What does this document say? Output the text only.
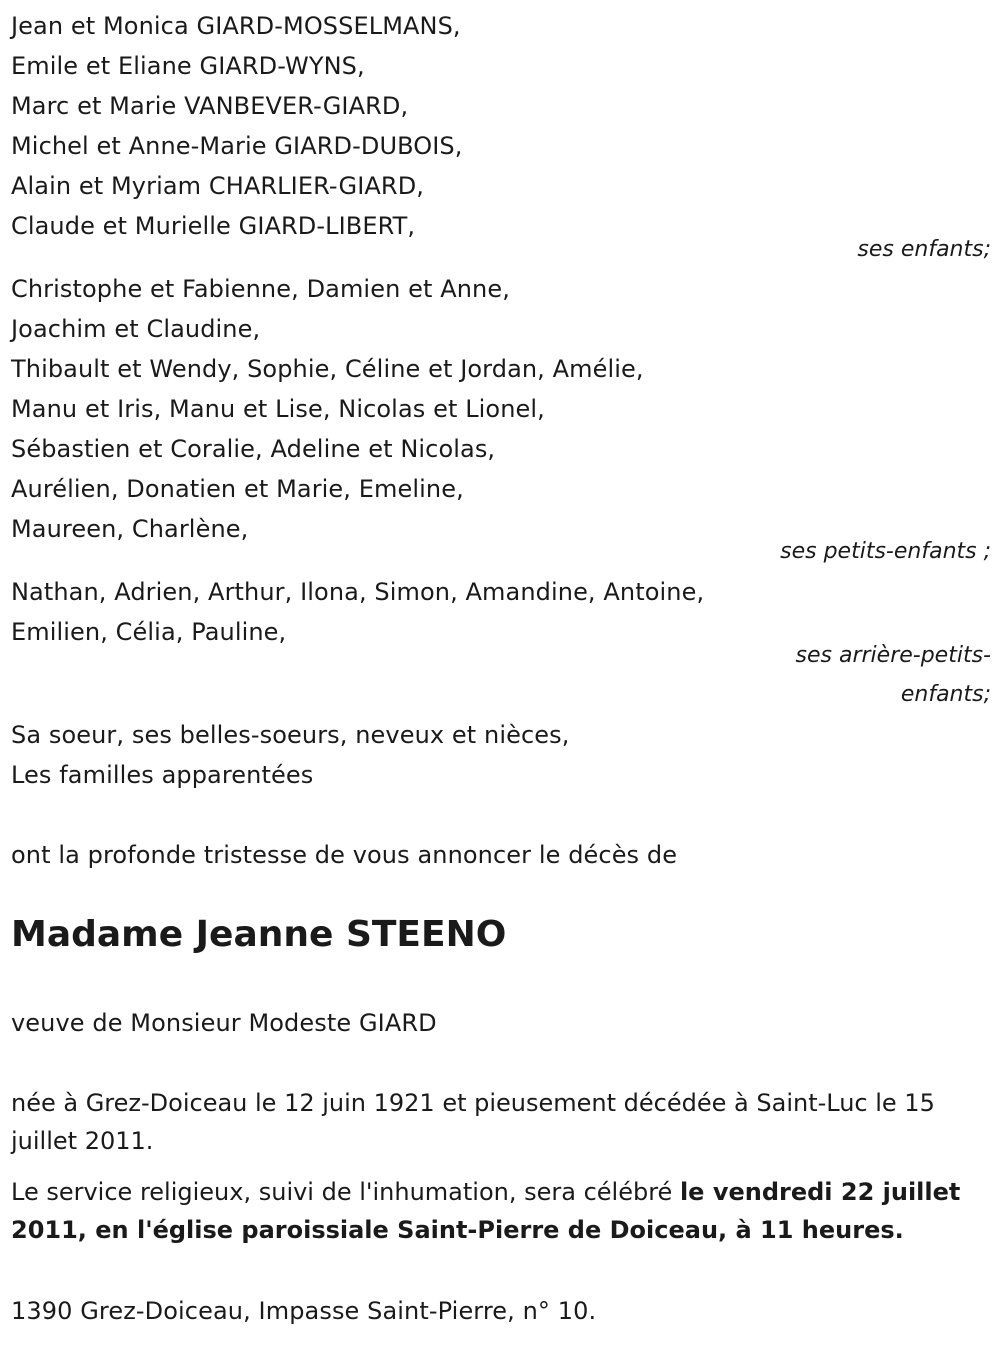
Jean et Monica GIARD-MOSSELMANS,
Emile et Eliane GIARD-WYNS,
Marc et Marie VANBEVER-GIARD,
Michel et Anne-Marie GIARD-DUBOIS,
Alain et Myriam CHARLIER-GIARD,
Claude et Murielle GIARD-LIBERT,
ses enfants;
Christophe et Fabienne, Damien et Anne,
Joachim et Claudine,
Thibault et Wendy, Sophie, Céline et Jordan, Amélie,
Manu et Iris, Manu et Lise, Nicolas et Lionel,
Sébastien et Coralie, Adeline et Nicolas,
Aurélien, Donatien et Marie, Emeline,
Maureen, Charlène,
ses petits-enfants ;
Nathan, Adrien, Arthur, Ilona, Simon, Amandine, Antoine,
Emilien, Célia, Pauline,
ses arrière-petits-
enfants;
Sa soeur, ses belles-soeurs, neveux et nièces,
Les familles apparentées
ont la profonde tristesse de vous annoncer le décès de
Madame Jeanne STEENO
veuve de Monsieur Modeste GIARD
née à Grez-Doiceau le 12 juin 1921 et pieusement décédée à Saint-Luc le 15 juillet 2011.
Le service religieux, suivi de l'inhumation, sera célébré le vendredi 22 juillet 2011, en l'église paroissiale Saint-Pierre de Doiceau, à 11 heures.
1390 Grez-Doiceau, Impasse Saint-Pierre, n° 10.
